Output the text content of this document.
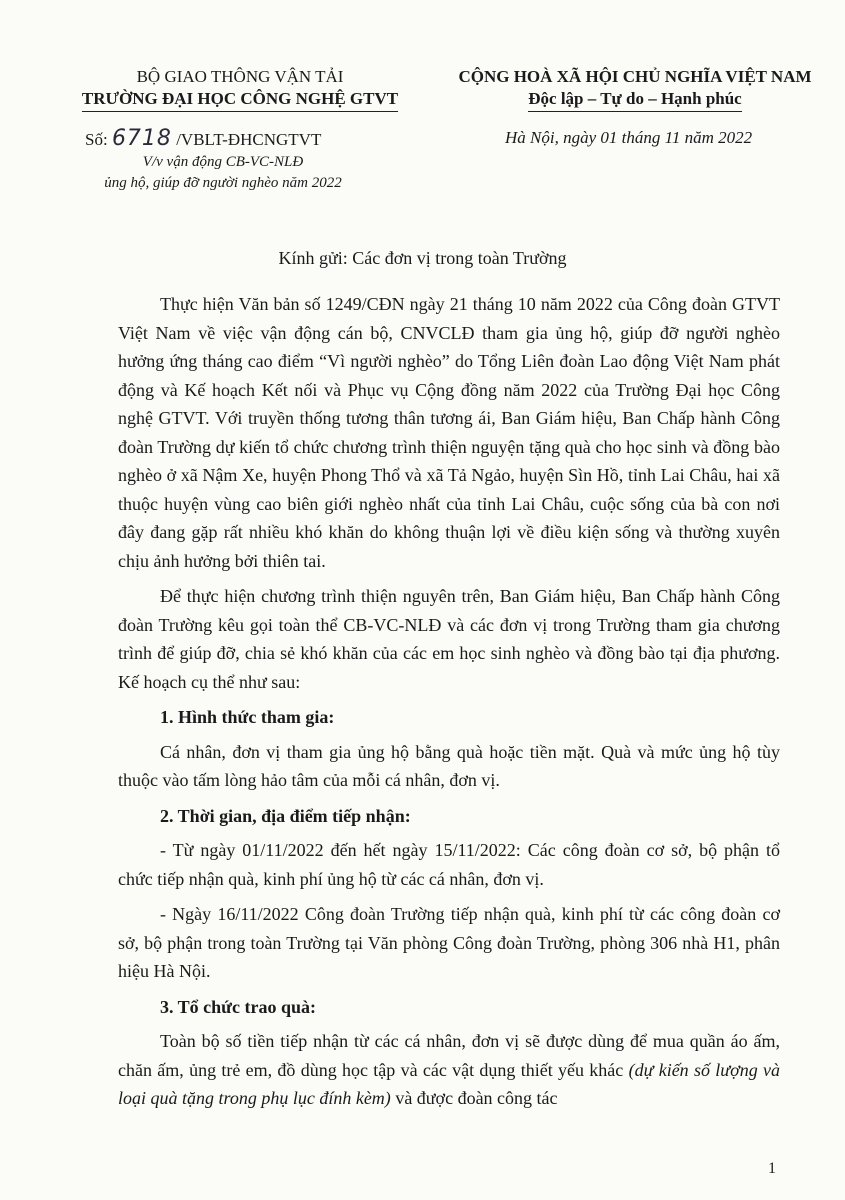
BỘ GIAO THÔNG VẬN TẢI
TRƯỜNG ĐẠI HỌC CÔNG NGHỆ GTVT
CỘNG HOÀ XÃ HỘI CHỦ NGHĨA VIỆT NAM
Độc lập – Tự do – Hạnh phúc
Số: 6718 /VBLT-ĐHCNGTVT
V/v vận động CB-VC-NLĐ
ủng hộ, giúp đỡ người nghèo năm 2022
Hà Nội, ngày 01 tháng 11 năm 2022
Kính gửi: Các đơn vị trong toàn Trường

Thực hiện Văn bản số 1249/CĐN ngày 21 tháng 10 năm 2022 của Công đoàn GTVT Việt Nam về việc vận động cán bộ, CNVCLĐ tham gia ủng hộ, giúp đỡ người nghèo hưởng ứng tháng cao điểm “Vì người nghèo” do Tổng Liên đoàn Lao động Việt Nam phát động và Kế hoạch Kết nối và Phục vụ Cộng đồng năm 2022 của Trường Đại học Công nghệ GTVT. Với truyền thống tương thân tương ái, Ban Giám hiệu, Ban Chấp hành Công đoàn Trường dự kiến tổ chức chương trình thiện nguyện tặng quà cho học sinh và đồng bào nghèo ở xã Nậm Xe, huyện Phong Thổ và xã Tả Ngảo, huyện Sìn Hồ, tỉnh Lai Châu, hai xã thuộc huyện vùng cao biên giới nghèo nhất của tỉnh Lai Châu, cuộc sống của bà con nơi đây đang gặp rất nhiều khó khăn do không thuận lợi về điều kiện sống và thường xuyên chịu ảnh hưởng bởi thiên tai.

Để thực hiện chương trình thiện nguyên trên, Ban Giám hiệu, Ban Chấp hành Công đoàn Trường kêu gọi toàn thể CB-VC-NLĐ và các đơn vị trong Trường tham gia chương trình để giúp đỡ, chia sẻ khó khăn của các em học sinh nghèo và đồng bào tại địa phương. Kế hoạch cụ thể như sau:

1. Hình thức tham gia:

Cá nhân, đơn vị tham gia ủng hộ bằng quà hoặc tiền mặt. Quà và mức ủng hộ tùy thuộc vào tấm lòng hảo tâm của mỗi cá nhân, đơn vị.

2. Thời gian, địa điểm tiếp nhận:

- Từ ngày 01/11/2022 đến hết ngày 15/11/2022: Các công đoàn cơ sở, bộ phận tổ chức tiếp nhận quà, kinh phí ủng hộ từ các cá nhân, đơn vị.

- Ngày 16/11/2022 Công đoàn Trường tiếp nhận quà, kinh phí từ các công đoàn cơ sở, bộ phận trong toàn Trường tại Văn phòng Công đoàn Trường, phòng 306 nhà H1, phân hiệu Hà Nội.

3. Tổ chức trao quà:

Toàn bộ số tiền tiếp nhận từ các cá nhân, đơn vị sẽ được dùng để mua quần áo ấm, chăn ấm, ủng trẻ em, đồ dùng học tập và các vật dụng thiết yếu khác (dự kiến số lượng và loại quà tặng trong phụ lục đính kèm) và được đoàn công tác

1
